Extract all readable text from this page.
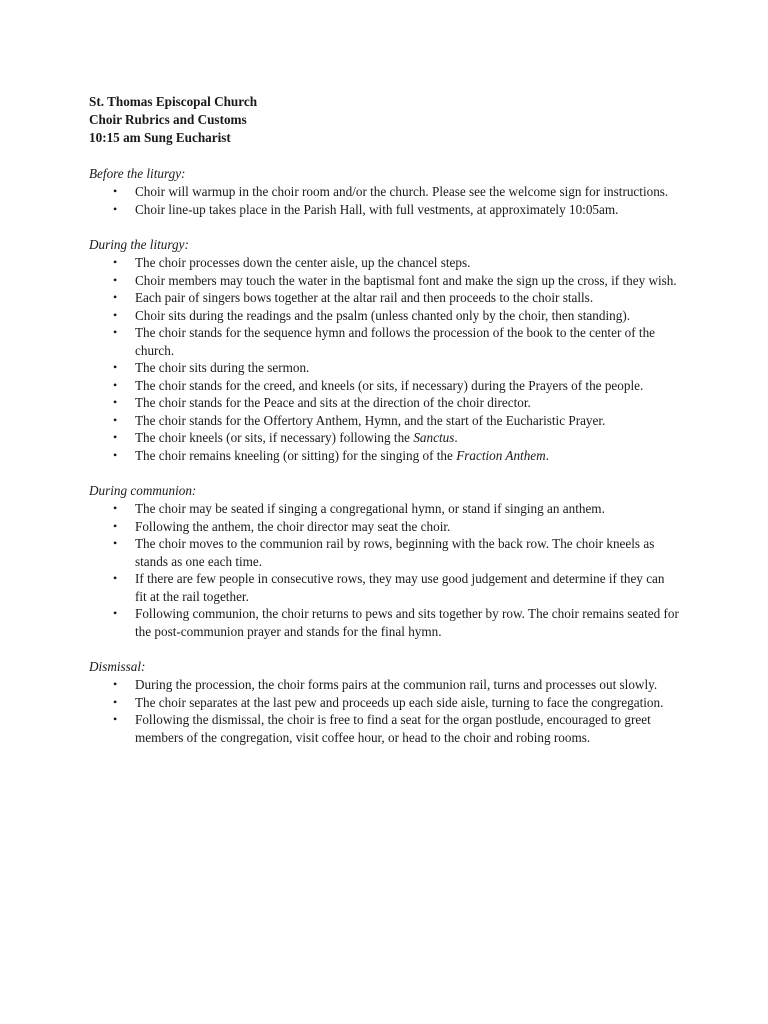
St. Thomas Episcopal Church

Choir Rubrics and Customs

10:15 am Sung Eucharist

Before the liturgy:

• Choir will warmup in the choir room and/or the church. Please see the welcome sign for instructions.
• Choir line-up takes place in the Parish Hall, with full vestments, at approximately 10:05am.

During the liturgy:

• The choir processes down the center aisle, up the chancel steps.
• Choir members may touch the water in the baptismal font and make the sign up the cross, if they wish.
• Each pair of singers bows together at the altar rail and then proceeds to the choir stalls.
• Choir sits during the readings and the psalm (unless chanted only by the choir, then standing).
• The choir stands for the sequence hymn and follows the procession of the book to the center of the church.
• The choir sits during the sermon.
• The choir stands for the creed, and kneels (or sits, if necessary) during the Prayers of the people.
• The choir stands for the Peace and sits at the direction of the choir director.
• The choir stands for the Offertory Anthem, Hymn, and the start of the Eucharistic Prayer.
• The choir kneels (or sits, if necessary) following the Sanctus.
• The choir remains kneeling (or sitting) for the singing of the Fraction Anthem.

During communion:

• The choir may be seated if singing a congregational hymn, or stand if singing an anthem.
• Following the anthem, the choir director may seat the choir.
• The choir moves to the communion rail by rows, beginning with the back row. The choir kneels as stands as one each time.
• If there are few people in consecutive rows, they may use good judgement and determine if they can fit at the rail together.
• Following communion, the choir returns to pews and sits together by row. The choir remains seated for the post-communion prayer and stands for the final hymn.

Dismissal:

• During the procession, the choir forms pairs at the communion rail, turns and processes out slowly.
• The choir separates at the last pew and proceeds up each side aisle, turning to face the congregation.
• Following the dismissal, the choir is free to find a seat for the organ postlude, encouraged to greet members of the congregation, visit coffee hour, or head to the choir and robing rooms.
